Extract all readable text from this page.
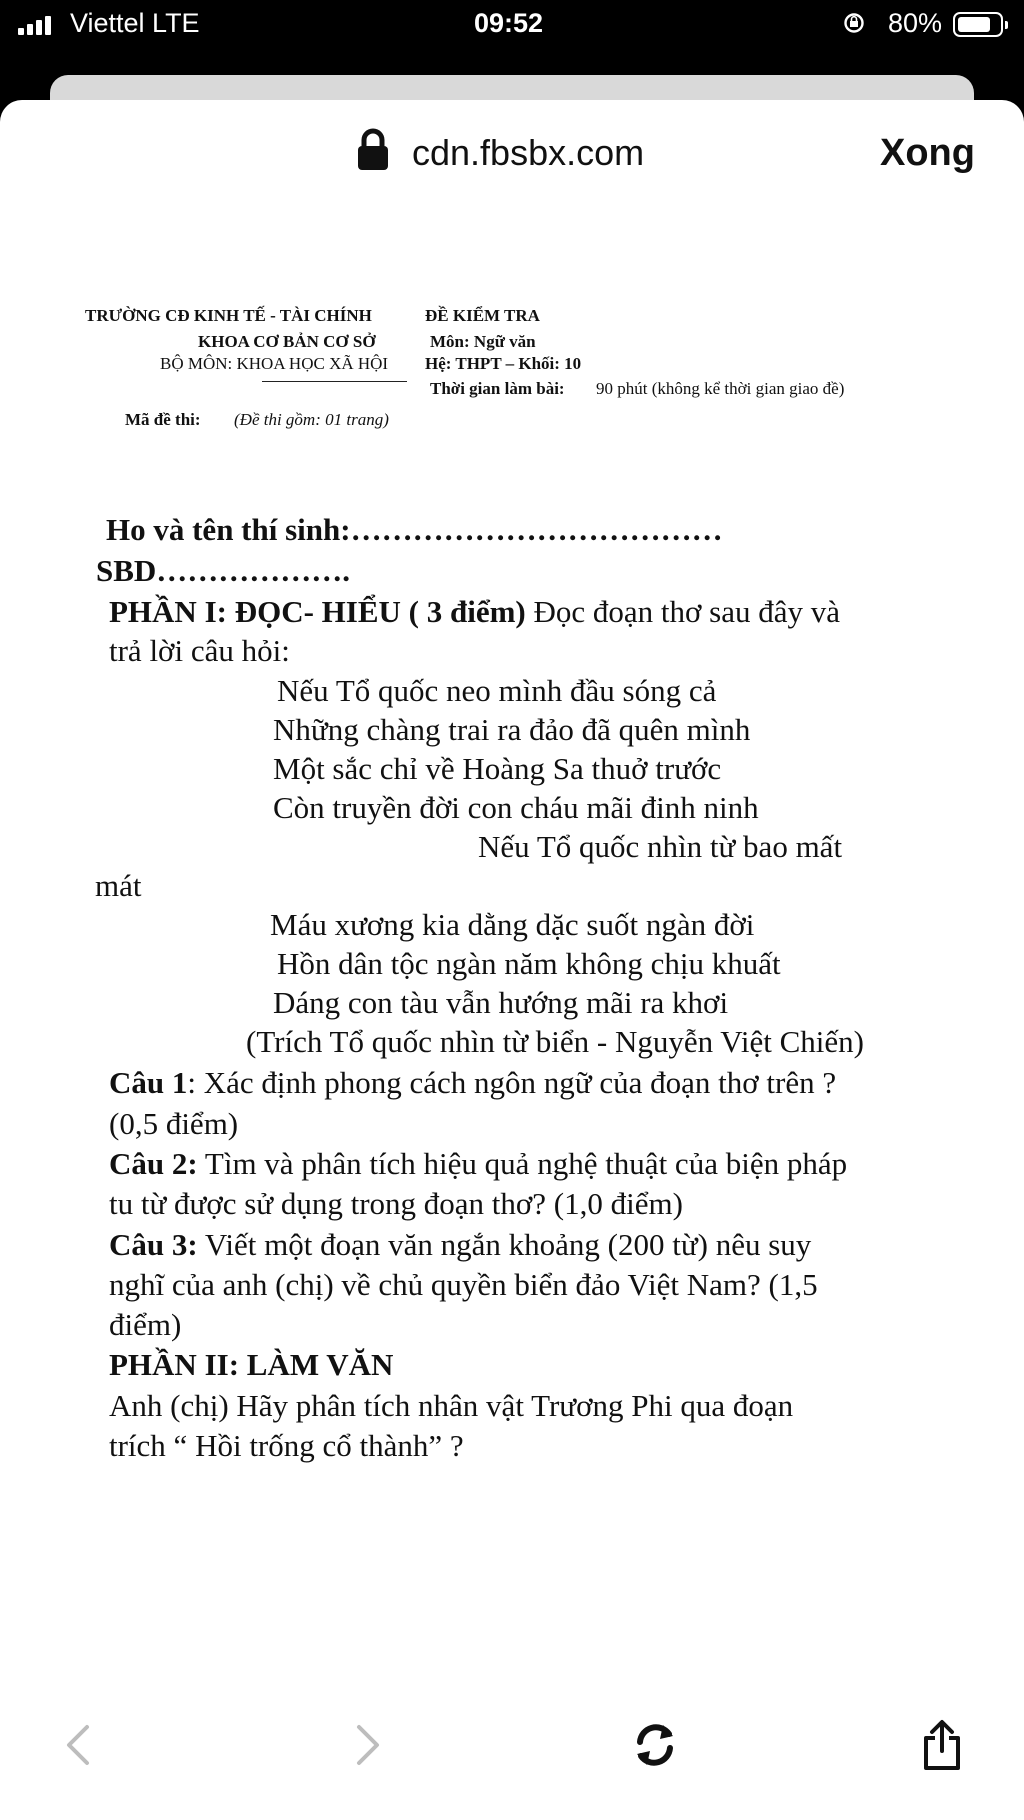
Viettel LTE	09:52	80%
cdn.fbsbx.com	Xong
TRƯỜNG CĐ KINH TẾ - TÀI CHÍNH	ĐỀ KIỂM TRA
KHOA CƠ BẢN CƠ SỞ	Môn: Ngữ văn
BỘ MÔN: KHOA HỌC XÃ HỘI Hệ: THPT – Khối: 10
Thời gian làm bài: 90 phút (không kể thời gian giao đề)
Mã đề thi: (Đề thi gồm: 01 trang)
Ho và tên thí sinh:………………………………
SBD……………….
PHẦN I: ĐỌC- HIỂU ( 3 điểm) Đọc đoạn thơ sau đây và
trả lời câu hỏi:
Nếu Tổ quốc neo mình đầu sóng cả
Những chàng trai ra đảo đã quên mình
Một sắc chỉ về Hoàng Sa thuở trước
Còn truyền đời con cháu mãi đinh ninh
Nếu Tổ quốc nhìn từ bao mất
mát
Máu xương kia dằng dặc suốt ngàn đời
Hồn dân tộc ngàn năm không chịu khuất
Dáng con tàu vẫn hướng mãi ra khơi
(Trích Tổ quốc nhìn từ biển - Nguyễn Việt Chiến)
Câu 1: Xác định phong cách ngôn ngữ của đoạn thơ trên ?
(0,5 điểm)
Câu 2: Tìm và phân tích hiệu quả nghệ thuật của biện pháp
tu từ được sử dụng trong đoạn thơ? (1,0 điểm)
Câu 3: Viết một đoạn văn ngắn khoảng (200 từ) nêu suy
nghĩ của anh (chị) về chủ quyền biển đảo Việt Nam? (1,5
điểm)
PHẦN II: LÀM VĂN
Anh (chị) Hãy phân tích nhân vật Trương Phi qua đoạn
trích “ Hồi trống cổ thành” ?
